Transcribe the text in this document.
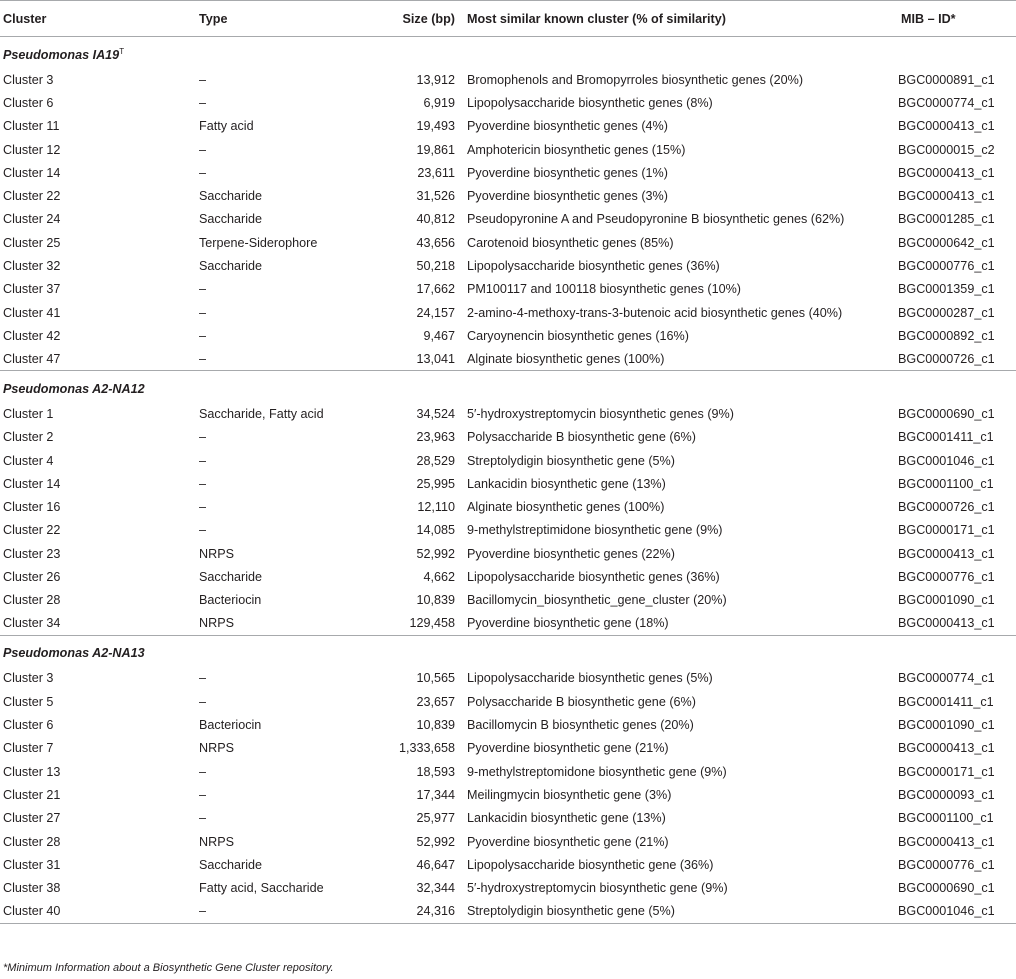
Cluster	Type	Size (bp)	Most similar known cluster (% of similarity)	MIB – ID*
Pseudomonas $IA19^T$
Cluster 3	–	13,912	Bromophenols and Bromopyrroles biosynthetic genes (20%)	BGC0000891_c1
Cluster 6	–	6,919	Lipopolysaccharide biosynthetic genes (8%)	BGC0000774_c1
Cluster 11	Fatty acid	19,493	Pyoverdine biosynthetic genes (4%)	BGC0000413_c1
Cluster 12	–	19,861	Amphotericin biosynthetic genes (15%)	BGC0000015_c2
Cluster 14	–	23,611	Pyoverdine biosynthetic genes (1%)	BGC0000413_c1
Cluster 22	Saccharide	31,526	Pyoverdine biosynthetic genes (3%)	BGC0000413_c1
Cluster 24	Saccharide	40,812	Pseudopyronine A and Pseudopyronine B biosynthetic genes (62%)	BGC0001285_c1
Cluster 25	Terpene-Siderophore	43,656	Carotenoid biosynthetic genes (85%)	BGC0000642_c1
Cluster 32	Saccharide	50,218	Lipopolysaccharide biosynthetic genes (36%)	BGC0000776_c1
Cluster 37	–	17,662	PM100117 and 100118 biosynthetic genes (10%)	BGC0001359_c1
Cluster 41	–	24,157	2-amino-4-methoxy-trans-3-butenoic acid biosynthetic genes (40%)	BGC0000287_c1
Cluster 42	–	9,467	Caryoynencin biosynthetic genes (16%)	BGC0000892_c1
Cluster 47	–	13,041	Alginate biosynthetic genes (100%)	BGC0000726_c1
Pseudomonas A2-NA12				
Cluster 1	Saccharide, Fatty acid	34,524	5′-hydroxystreptomycin biosynthetic genes (9%)	BGC0000690_c1
Cluster 2	–	23,963	Polysaccharide B biosynthetic gene (6%)	BGC0001411_c1
Cluster 4	–	28,529	Streptolydigin biosynthetic gene (5%)	BGC0001046_c1
Cluster 14	–	25,995	Lankacidin biosynthetic gene (13%)	BGC0001100_c1
Cluster 16	–	12,110	Alginate biosynthetic genes (100%)	BGC0000726_c1
Cluster 22	–	14,085	9-methylstreptimidone biosynthetic gene (9%)	BGC0000171_c1
Cluster 23	NRPS	52,992	Pyoverdine biosynthetic genes (22%)	BGC0000413_c1
Cluster 26	Saccharide	4,662	Lipopolysaccharide biosynthetic genes (36%)	BGC0000776_c1
Cluster 28	Bacteriocin	10,839	Bacillomycin_biosynthetic_gene_cluster (20%)	BGC0001090_c1
Cluster 34	NRPS	129,458	Pyoverdine biosynthetic gene (18%)	BGC0000413_c1
Pseudomonas A2-NA13				
Cluster 3	–	10,565	Lipopolysaccharide biosynthetic genes (5%)	BGC0000774_c1
Cluster 5	–	23,657	Polysaccharide B biosynthetic gene (6%)	BGC0001411_c1
Cluster 6	Bacteriocin	10,839	Bacillomycin B biosynthetic genes (20%)	BGC0001090_c1
Cluster 7	NRPS	1,333,658	Pyoverdine biosynthetic gene (21%)	BGC0000413_c1
Cluster 13	–	18,593	9-methylstreptomidone biosynthetic gene (9%)	BGC0000171_c1
Cluster 21	–	17,344	Meilingmycin biosynthetic gene (3%)	BGC0000093_c1
Cluster 27	–	25,977	Lankacidin biosynthetic gene (13%)	BGC0001100_c1
Cluster 28	NRPS	52,992	Pyoverdine biosynthetic gene (21%)	BGC0000413_c1
Cluster 31	Saccharide	46,647	Lipopolysaccharide biosynthetic gene (36%)	BGC0000776_c1
Cluster 38	Fatty acid, Saccharide	32,344	5′-hydroxystreptomycin biosynthetic gene (9%)	BGC0000690_c1
Cluster 40	–	24,316	Streptolydigin biosynthetic gene (5%)	BGC0001046_c1
*Minimum Information about a Biosynthetic Gene Cluster repository.
